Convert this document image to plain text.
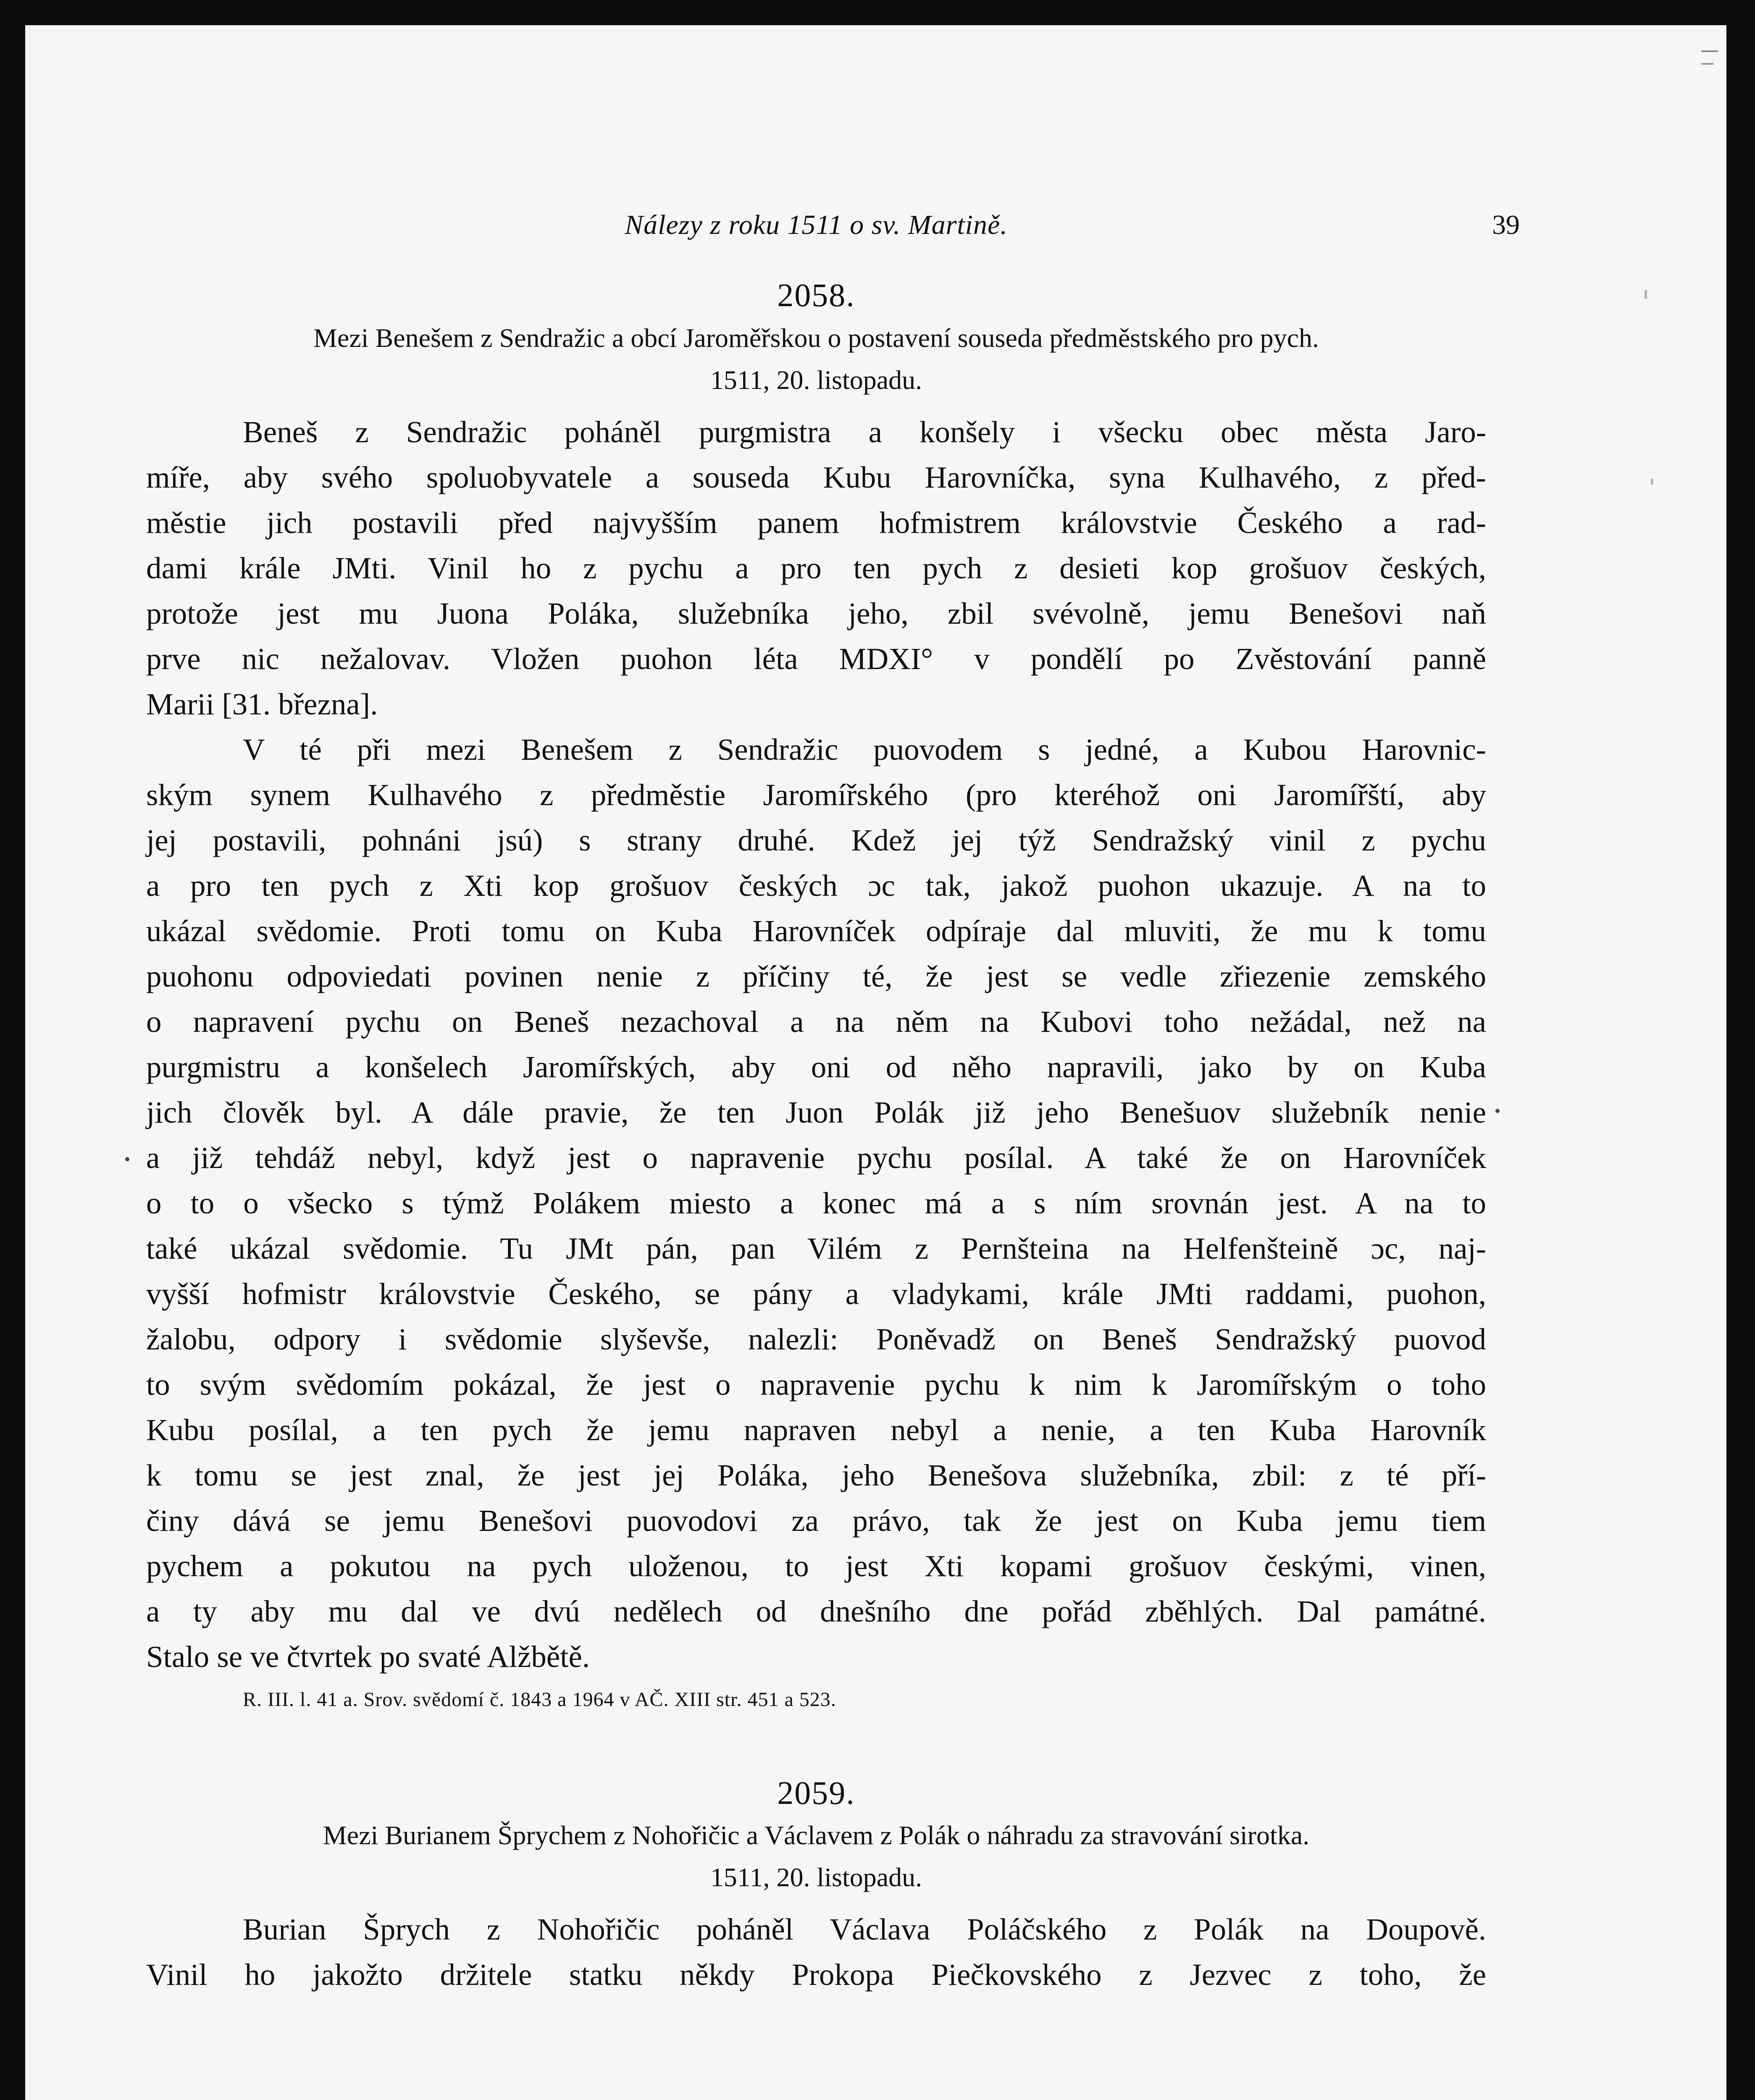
Nálezy z roku 1511 o sv. Martině.	39
2058.
Mezi Benešem z Sendražic a obcí Jaroměřskou o postavení souseda předměstského pro pych.
1511, 20. listopadu.

Beneš z Sendražic poháněl purgmistra a konšely i všecku obec města Jaro-
míře, aby svého spoluobyvatele a souseda Kubu Harovníčka, syna Kulhavého, z před-
městie jich postavili před najvyšším panem hofmistrem královstvie Českého a rad-
dami krále JMti. Vinil ho z pychu a pro ten pych z desieti kop grošuov českých,
protože jest mu Juona Poláka, služebníka jeho, zbil svévolně, jemu Benešovi naň
prve nic nežalovav. Vložen puohon léta MDXI° v pondělí po Zvěstování panně
Marii [31. března].

V té při mezi Benešem z Sendražic puovodem s jedné, a Kubou Harovnic-
ským synem Kulhavého z předměstie Jaromířského (pro kteréhož oni Jaromířští, aby
jej postavili, pohnáni jsú) s strany druhé. Kdež jej týž Sendražský vinil z pychu
a pro ten pych z Xti kop grošuov českých ɔc tak, jakož puohon ukazuje. A na to
ukázal svědomie. Proti tomu on Kuba Harovníček odpíraje dal mluviti, že mu k tomu
puohonu odpoviedati povinen nenie z příčiny té, že jest se vedle zřiezenie zemského
o napravení pychu on Beneš nezachoval a na něm na Kubovi toho nežádal, než na
purgmistru a konšelech Jaromířských, aby oni od něho napravili, jako by on Kuba
jich člověk byl. A dále pravie, že ten Juon Polák již jeho Benešuov služebník nenie
a již tehdáž nebyl, když jest o napravenie pychu posílal. A také že on Harovníček
o to o všecko s týmž Polákem miesto a konec má a s ním srovnán jest. A na to
také ukázal svědomie. Tu JMt pán, pan Vilém z Pernšteina na Helfenšteině ɔc, naj-
vyšší hofmistr královstvie Českého, se pány a vladykami, krále JMti raddami, puohon,
žalobu, odpory i svědomie slyševše, nalezli: Poněvadž on Beneš Sendražský puovod
to svým svědomím pokázal, že jest o napravenie pychu k nim k Jaromířským o toho
Kubu posílal, a ten pych že jemu napraven nebyl a nenie, a ten Kuba Harovník
k tomu se jest znal, že jest jej Poláka, jeho Benešova služebníka, zbil: z té pří-
činy dává se jemu Benešovi puovodovi za právo, tak že jest on Kuba jemu tiem
pychem a pokutou na pych uloženou, to jest Xti kopami grošuov českými, vinen,
a ty aby mu dal ve dvú nedělech od dnešního dne pořád zběhlých. Dal památné.
Stalo se ve čtvrtek po svaté Alžbětě.

R. III. l. 41 a. Srov. svědomí č. 1843 a 1964 v AČ. XIII str. 451 a 523.
2059.
Mezi Burianem Šprychem z Nohořičic a Václavem z Polák o náhradu za stravování sirotka.
1511, 20. listopadu.

Burian Šprych z Nohořičic poháněl Václava Poláčského z Polák na Doupově.
Vinil ho jakožto držitele statku někdy Prokopa Piečkovského z Jezvec z toho, že
